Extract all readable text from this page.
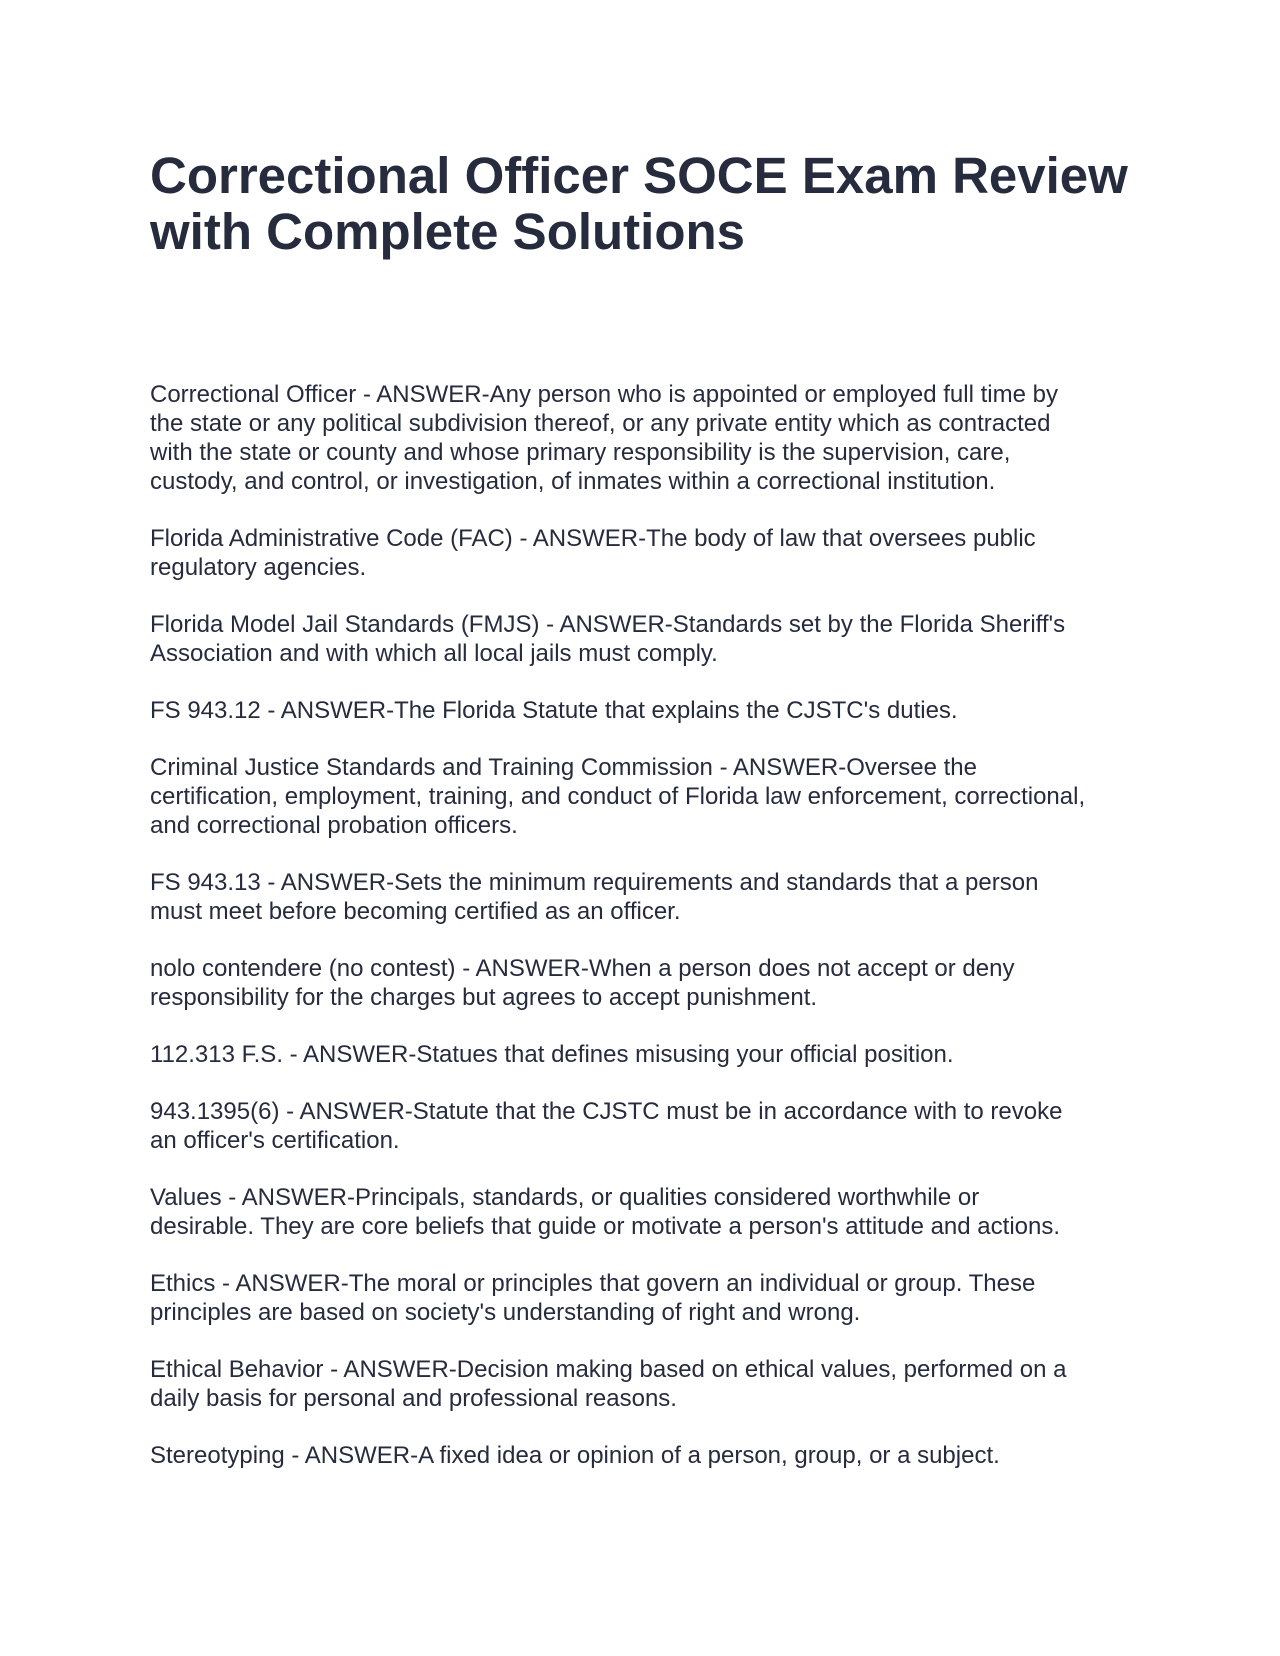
Correctional Officer SOCE Exam Review
with Complete Solutions

Correctional Officer - ANSWER-Any person who is appointed or employed full time by
the state or any political subdivision thereof, or any private entity which as contracted
with the state or county and whose primary responsibility is the supervision, care,
custody, and control, or investigation, of inmates within a correctional institution.

Florida Administrative Code (FAC) - ANSWER-The body of law that oversees public
regulatory agencies.

Florida Model Jail Standards (FMJS) - ANSWER-Standards set by the Florida Sheriff's
Association and with which all local jails must comply.

FS 943.12 - ANSWER-The Florida Statute that explains the CJSTC's duties.

Criminal Justice Standards and Training Commission - ANSWER-Oversee the
certification, employment, training, and conduct of Florida law enforcement, correctional,
and correctional probation officers.

FS 943.13 - ANSWER-Sets the minimum requirements and standards that a person
must meet before becoming certified as an officer.

nolo contendere (no contest) - ANSWER-When a person does not accept or deny
responsibility for the charges but agrees to accept punishment.

112.313 F.S. - ANSWER-Statues that defines misusing your official position.

943.1395(6) - ANSWER-Statute that the CJSTC must be in accordance with to revoke
an officer's certification.

Values - ANSWER-Principals, standards, or qualities considered worthwhile or
desirable. They are core beliefs that guide or motivate a person's attitude and actions.

Ethics - ANSWER-The moral or principles that govern an individual or group. These
principles are based on society's understanding of right and wrong.

Ethical Behavior - ANSWER-Decision making based on ethical values, performed on a
daily basis for personal and professional reasons.

Stereotyping - ANSWER-A fixed idea or opinion of a person, group, or a subject.
